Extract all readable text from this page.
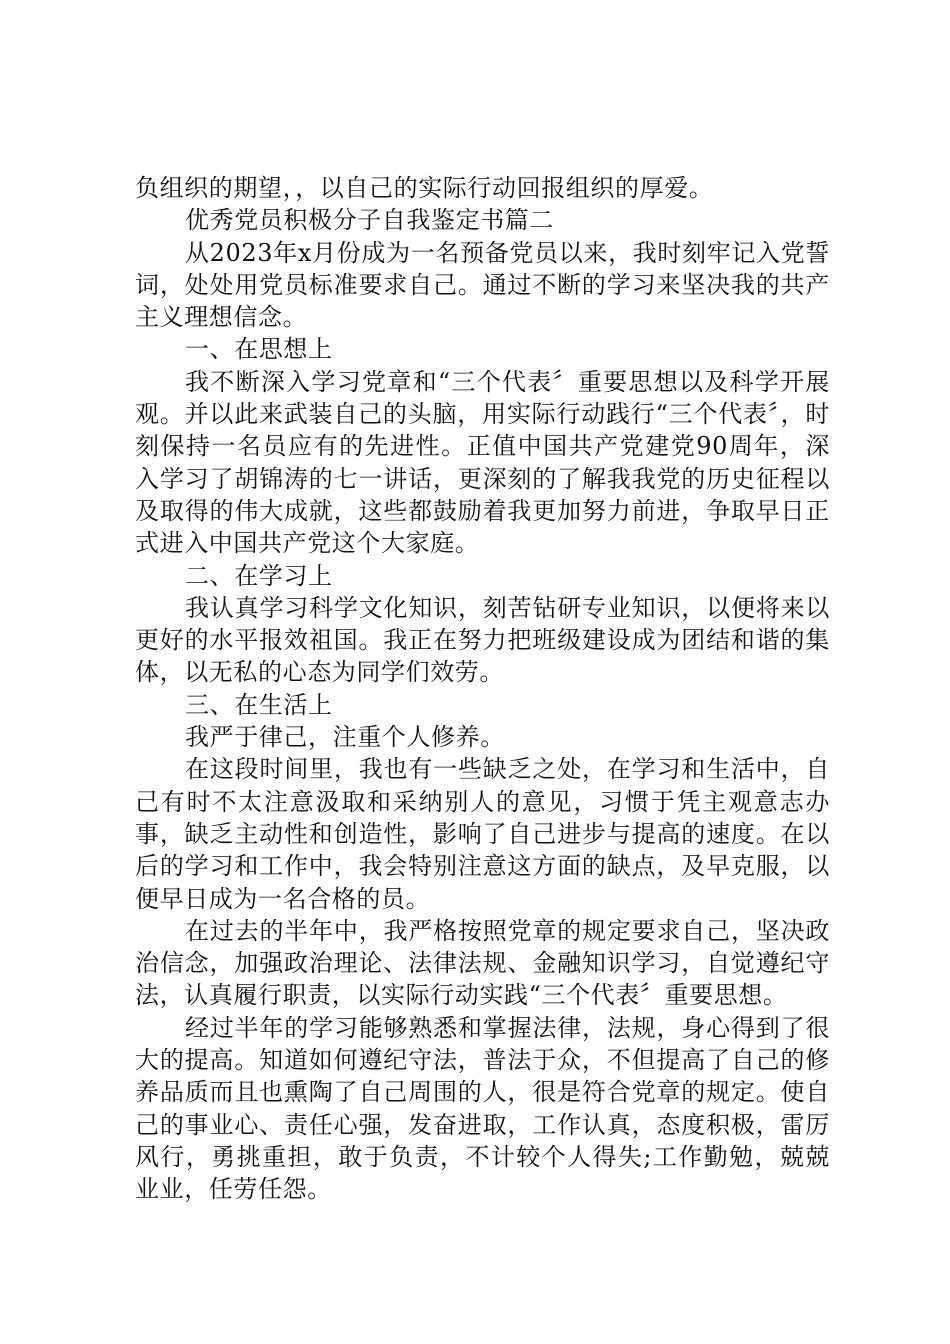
负组织的期望，，以自己的实际行动回报组织的厚爱。

优秀党员积极分子自我鉴定书篇二

从2023年x月份成为一名预备党员以来，我时刻牢记入党誓词，处处用党员标准要求自己。通过不断的学习来坚决我的共产主义理想信念。

一、在思想上

我不断深入学习党章和“三个代表〞重要思想以及科学开展观。并以此来武装自己的头脑，用实际行动践行“三个代表〞，时刻保持一名员应有的先进性。正值中国共产党建党90周年，深入学习了胡锦涛的七一讲话，更深刻的了解我我党的历史征程以及取得的伟大成就，这些都鼓励着我更加努力前进，争取早日正式进入中国共产党这个大家庭。

二、在学习上

我认真学习科学文化知识，刻苦钻研专业知识，以便将来以更好的水平报效祖国。我正在努力把班级建设成为团结和谐的集体，以无私的心态为同学们效劳。

三、在生活上

我严于律己，注重个人修养。

在这段时间里，我也有一些缺乏之处，在学习和生活中，自己有时不太注意汲取和采纳别人的意见，习惯于凭主观意志办事，缺乏主动性和创造性，影响了自己进步与提高的速度。在以后的学习和工作中，我会特别注意这方面的缺点，及早克服，以便早日成为一名合格的员。

在过去的半年中，我严格按照党章的规定要求自己，坚决政治信念，加强政治理论、法律法规、金融知识学习，自觉遵纪守法，认真履行职责，以实际行动实践“三个代表〞重要思想。

经过半年的学习能够熟悉和掌握法律，法规，身心得到了很大的提高。知道如何遵纪守法，普法于众，不但提高了自己的修养品质而且也熏陶了自己周围的人，很是符合党章的规定。使自己的事业心、责任心强，发奋进取，工作认真，态度积极，雷厉风行，勇挑重担，敢于负责，不计较个人得失;工作勤勉，兢兢业业，任劳任怨。
